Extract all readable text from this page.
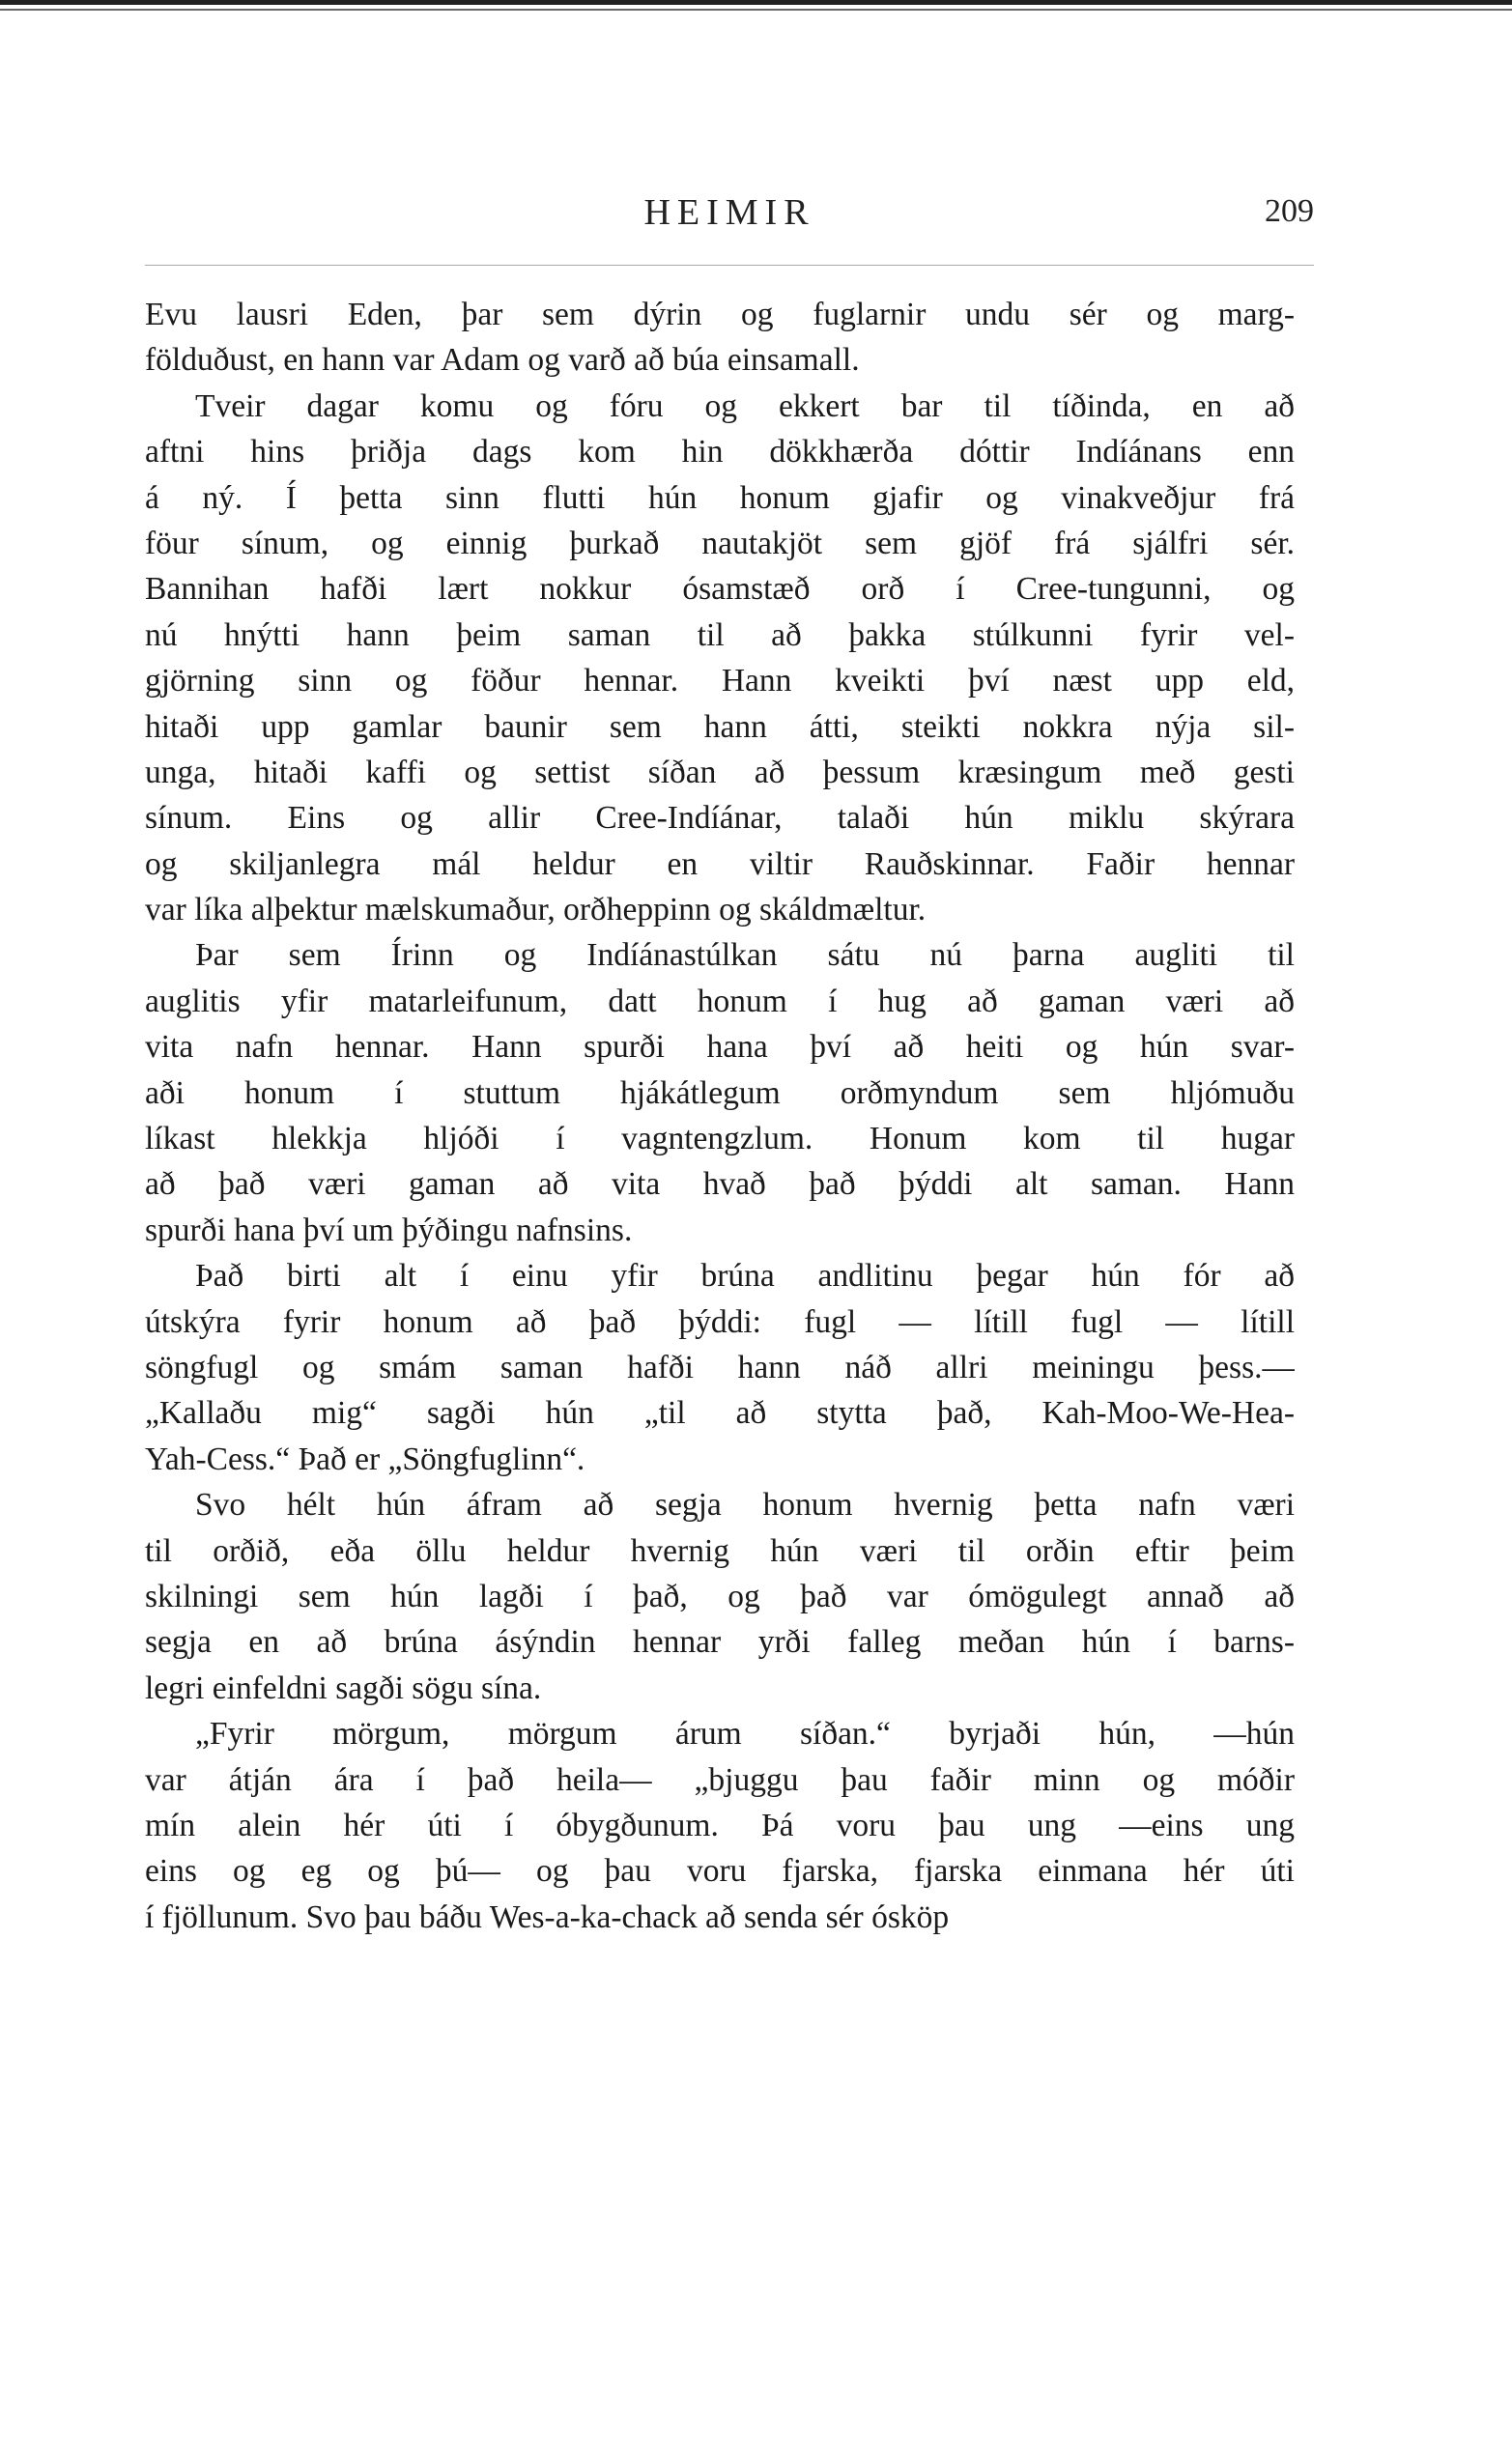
HEIMIR	209
Evu lausri Eden, þar sem dýrin og fuglarnir undu sér og marg-
földuðust, en hann var Adam og varð að búa einsamall.
Tveir dagar komu og fóru og ekkert bar til tíðinda, en að
aftni hins þriðja dags kom hin dökkhærða dóttir Indíánans enn
á ný. Í þetta sinn flutti hún honum gjafir og vinakveðjur frá
föur sínum, og einnig þurkað nautakjöt sem gjöf frá sjálfri sér.
Bannihan hafði lært nokkur ósamstæð orð í Cree-tungunni, og
nú hnýtti hann þeim saman til að þakka stúlkunni fyrir vel-
gjörning sinn og föður hennar. Hann kveikti því næst upp eld,
hitaði upp gamlar baunir sem hann átti, steikti nokkra nýja sil-
unga, hitaði kaffi og settist síðan að þessum kræsingum með gesti
sínum. Eins og allir Cree-Indíánar, talaði hún miklu skýrara
og skiljanlegra mál heldur en viltir Rauðskinnar. Faðir hennar
var líka alþektur mælskumaður, orðheppinn og skáldmæltur.
Þar sem Írinn og Indíánastúlkan sátu nú þarna augliti til
auglitis yfir matarleifunum, datt honum í hug að gaman væri að
vita nafn hennar. Hann spurði hana því að heiti og hún svar-
aði honum í stuttum hjákátlegum orðmyndum sem hljómuðu
líkast hlekkja hljóði í vagntengzlum. Honum kom til hugar
að það væri gaman að vita hvað það þýddi alt saman. Hann
spurði hana því um þýðingu nafnsins.
Það birti alt í einu yfir brúna andlitinu þegar hún fór að
útskýra fyrir honum að það þýddi: fugl — lítill fugl — lítill
söngfugl og smám saman hafði hann náð allri meiningu þess.—
„Kallaðu mig“ sagði hún „til að stytta það, Kah-Moo-We-Hea-
Yah-Cess.“ Það er „Söngfuglinn“.
Svo hélt hún áfram að segja honum hvernig þetta nafn væri
til orðið, eða öllu heldur hvernig hún væri til orðin eftir þeim
skilningi sem hún lagði í það, og það var ómögulegt annað að
segja en að brúna ásýndin hennar yrði falleg meðan hún í barns-
legri einfeldni sagði sögu sína.
„Fyrir mörgum, mörgum árum síðan.“ byrjaði hún, —hún
var átján ára í það heila— „bjuggu þau faðir minn og móðir
mín alein hér úti í óbygðunum. Þá voru þau ung —eins ung
eins og eg og þú— og þau voru fjarska, fjarska einmana hér úti
í fjöllunum. Svo þau báðu Wes-a-ka-chack að senda sér ósköp
